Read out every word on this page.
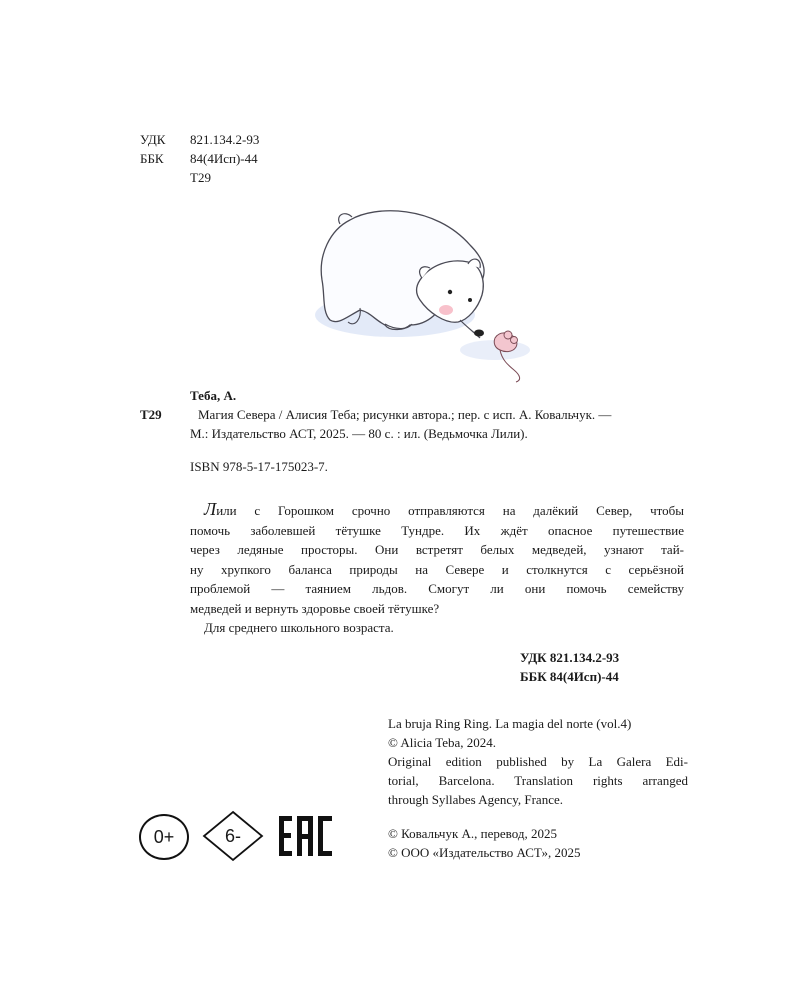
УДК 821.134.2-93
ББК 84(4Исп)-44
Т29
Теба, А.
Т29	Магия Севера / Алисия Теба; рисунки автора.; пер. с исп. А. Ковальчук. —
М.: Издательство АСТ, 2025. — 80 с. : ил. (Ведьмочка Лили).
ISBN 978-5-17-175023-7.
Лили с Горошком срочно отправляются на далёкий Север, чтобы
помочь заболевшей тётушке Тундре. Их ждёт опасное путешествие
через ледяные просторы. Они встретят белых медведей, узнают тай-
ну хрупкого баланса природы на Севере и столкнутся с серьёзной
проблемой — таянием льдов. Смогут ли они помочь семейству
медведей и вернуть здоровье своей тётушке?
Для среднего школьного возраста.
УДК 821.134.2-93
ББК 84(4Исп)-44
La bruja Ring Ring. La magia del norte (vol.4)
© Alicia Teba, 2024.
Original edition published by La Galera Edi-
torial, Barcelona. Translation rights arranged
through Syllabes Agency, France.
© Ковальчук А., перевод, 2025
© ООО «Издательство АСТ», 2025
0+	6-
